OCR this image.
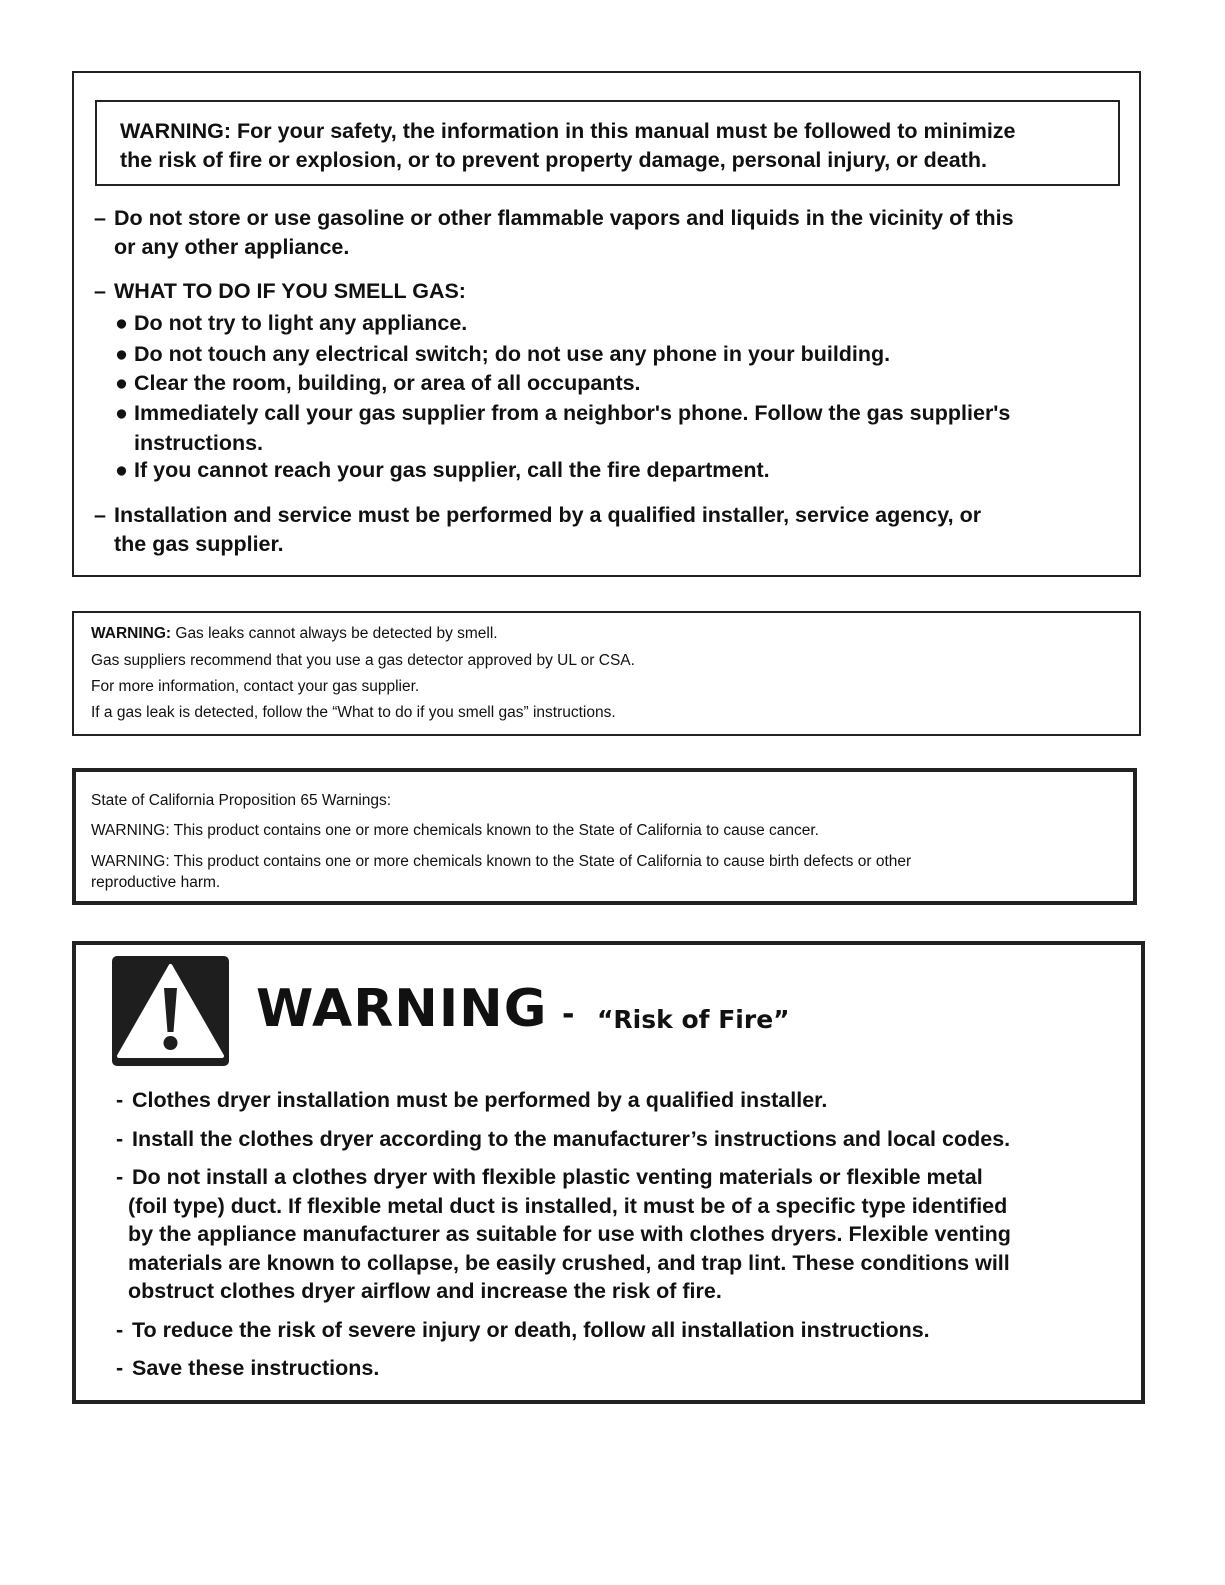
WARNING: For your safety, the information in this manual must be followed to minimize

the risk of fire or explosion, or to prevent property damage, personal injury, or death.

– Do not store or use gasoline or other flammable vapors and liquids in the vicinity of this
or any other appliance.

– WHAT TO DO IF YOU SMELL GAS:

● Do not try to light any appliance.

● Do not touch any electrical switch; do not use any phone in your building.

● Clear the room, building, or area of all occupants.

● Immediately call your gas supplier from a neighbor's phone. Follow the gas supplier's
instructions.

● If you cannot reach your gas supplier, call the fire department.

– Installation and service must be performed by a qualified installer, service agency, or
the gas supplier.

WARNING: Gas leaks cannot always be detected by smell.

Gas suppliers recommend that you use a gas detector approved by UL or CSA.

For more information, contact your gas supplier.

If a gas leak is detected, follow the “What to do if you smell gas” instructions.

State of California Proposition 65 Warnings:

WARNING: This product contains one or more chemicals known to the State of California to cause cancer.

WARNING: This product contains one or more chemicals known to the State of California to cause birth defects or other

reproductive harm.

WARNING - “Risk of Fire”

- Clothes dryer installation must be performed by a qualified installer.

- Install the clothes dryer according to the manufacturer’s instructions and local codes.

- Do not install a clothes dryer with flexible plastic venting materials or flexible metal
(foil type) duct. If flexible metal duct is installed, it must be of a specific type identified
by the appliance manufacturer as suitable for use with clothes dryers. Flexible venting
materials are known to collapse, be easily crushed, and trap lint. These conditions will
obstruct clothes dryer airflow and increase the risk of fire.

- To reduce the risk of severe injury or death, follow all installation instructions.

- Save these instructions.
